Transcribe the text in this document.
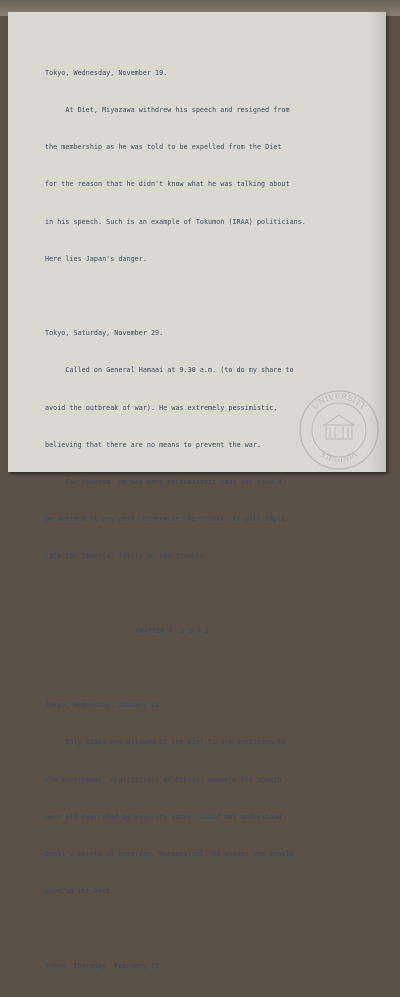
Tokyo, Wednesday, November 19.

At Diet, Miyazawa withdrew his speech and resigned from

the membership as he was told to be expelled from the Diet

for the reason that he didn't know what he was talking about

in his speech. Such is an example of Tokumon (IRAA) politicians.

Here lies Japan's danger.

Tokyo, Saturday, November 29.

Called on General Hamaai at 9.30 a.m. (to do my share to

avoid the outbreak of war). He was extremely pessimistic,

believing that there are no means to prevent the war.

Saw Yoshida. He was very enthusiastic that war should

be avoided at any cost. Otherwise, he thinks, it will impli-

cate the Imperial family in the trouble.

CHAPTER V  1 9 4 2

Tokyo, Wednesday, January 21.

Only Ozaki was allowed at the Diet to ask questions to

the Government. Applications of Dokosei members for speech

were all overruled by majority votes. Could not understand

Ozaki's points of question. Nonsensical. No wonder the people

give up the Diet.

Tokyo, Thursday, February 19.

UNIVERSITY
VIRGINIA
